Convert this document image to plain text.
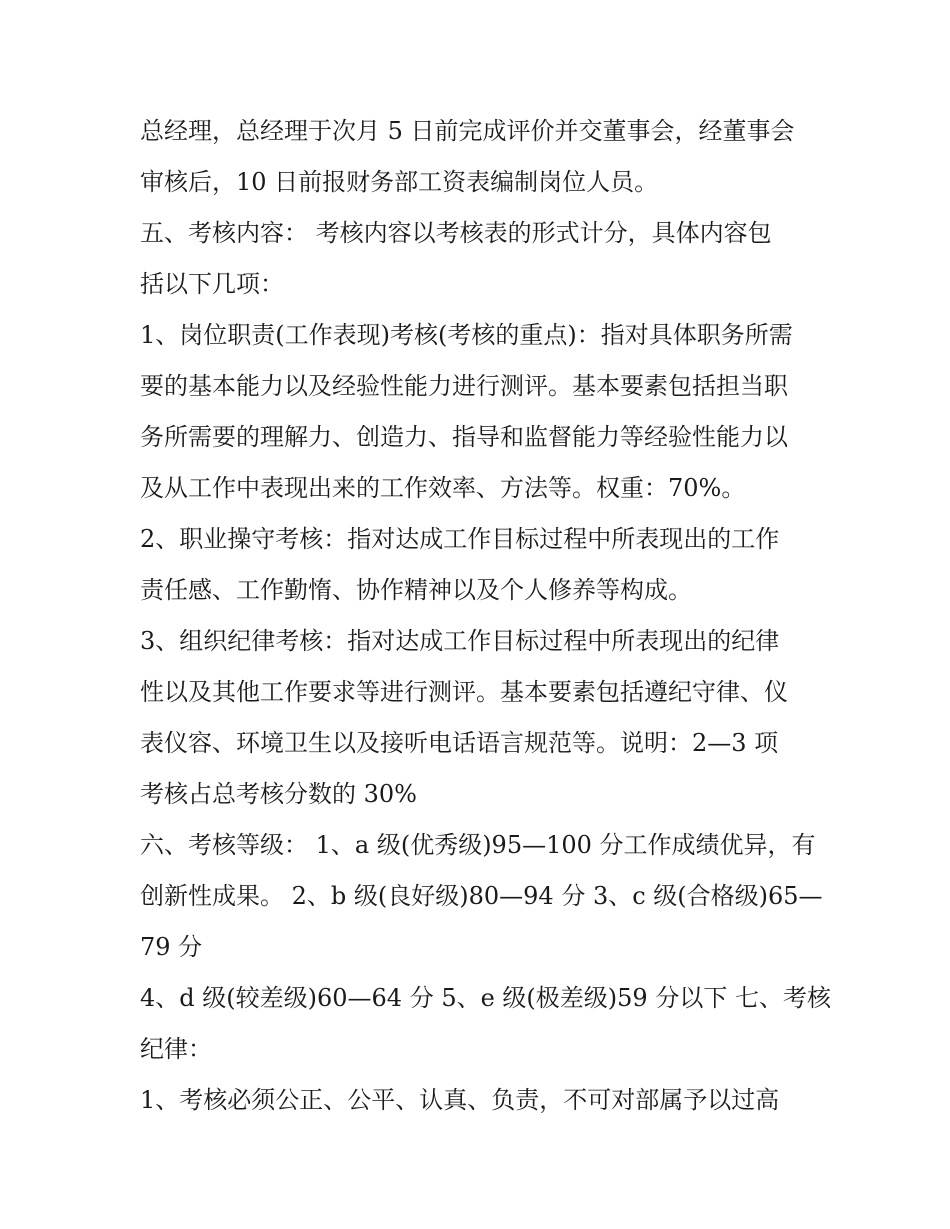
总经理，总经理于次月 5 日前完成评价并交董事会，经董事会

审核后，10 日前报财务部工资表编制岗位人员。

五、考核内容： 考核内容以考核表的形式计分，具体内容包

括以下几项：

1、岗位职责(工作表现)考核(考核的重点)：指对具体职务所需

要的基本能力以及经验性能力进行测评。基本要素包括担当职

务所需要的理解力、创造力、指导和监督能力等经验性能力以

及从工作中表现出来的工作效率、方法等。权重：70%。

2、职业操守考核：指对达成工作目标过程中所表现出的工作

责任感、工作勤惰、协作精神以及个人修养等构成。

3、组织纪律考核：指对达成工作目标过程中所表现出的纪律

性以及其他工作要求等进行测评。基本要素包括遵纪守律、仪

表仪容、环境卫生以及接听电话语言规范等。说明：2—3 项

考核占总考核分数的 30%

六、考核等级： 1、a 级(优秀级)95—100 分工作成绩优异，有

创新性成果。 2、b 级(良好级)80—94 分 3、c 级(合格级)65—

79 分

4、d 级(较差级)60—64 分 5、e 级(极差级)59 分以下 七、考核

纪律：

1、考核必须公正、公平、认真、负责，不可对部属予以过高
